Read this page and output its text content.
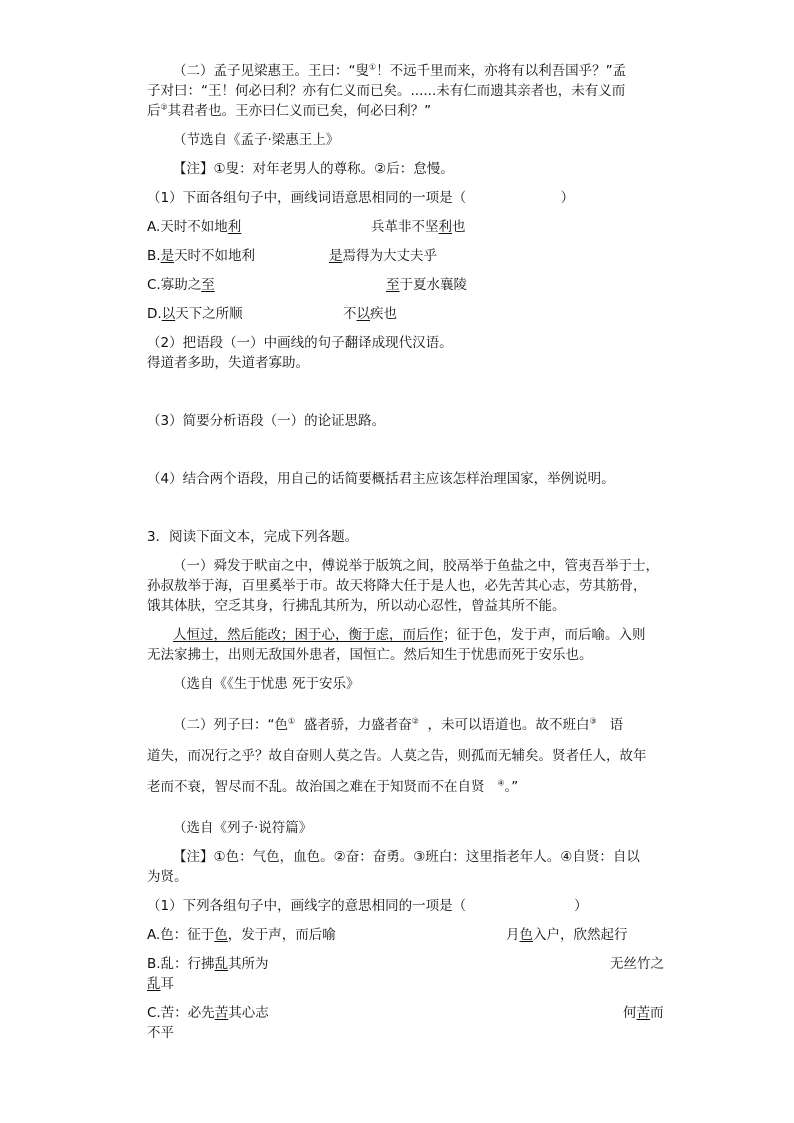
（二）孟子见梁惠王。王曰：“叟①！不远千里而来，亦将有以利吾国乎？”孟
子对曰：“王！何必曰利？亦有仁义而已矣。......未有仁而遗其亲者也，未有义而
后②其君者也。王亦曰仁义而已矣，何必曰利？”
（节选自《孟子·梁惠王上》
【注】①叟：对年老男人的尊称。②后：怠慢。
（1）下面各组句子中，画线词语意思相同的一项是（　　　　　　　）
A.天时不如地利	兵革非不坚利也
B.是天时不如地利	是焉得为大丈夫乎
C.寡助之至	至于夏水襄陵
D.以天下之所顺	不以疾也
（2）把语段（一）中画线的句子翻译成现代汉语。
得道者多助，失道者寡助。
（3）简要分析语段（一）的论证思路。
（4）结合两个语段，用自己的话简要概括君主应该怎样治理国家，举例说明。
3．阅读下面文本，完成下列各题。
（一）舜发于畎亩之中，傅说举于版筑之间，胶鬲举于鱼盐之中，管夷吾举于士，
孙叔敖举于海，百里奚举于市。故天将降大任于是人也，必先苦其心志，劳其筋骨，
饿其体肤，空乏其身，行拂乱其所为，所以动心忍性，曾益其所不能。
人恒过，然后能改；困于心，衡于虑，而后作；征于色，发于声，而后喻。入则
无法家拂士，出则无敌国外患者，国恒亡。然后知生于忧患而死于安乐也。
（选自《《生于忧患 死于安乐》
（二）列子曰：“色① 盛者骄，力盛者奋② ，未可以语道也。故不班白③ 语
道失，而况行之乎？故自奋则人莫之告。人莫之告，则孤而无辅矣。贤者任人，故年
老而不衰，智尽而不乱。故治国之难在于知贤而不在自贤 ④。”
（选自《列子·说符篇》
【注】①色：气色，血色。②奋：奋勇。③班白：这里指老年人。④自贤：自以
为贤。
（1）下列各组句子中，画线字的意思相同的一项是（　　　　　　　　）
A.色：征于色，发于声，而后喻	月色入户，欣然起行
B.乱：行拂乱其所为	无丝竹之
乱耳
C.苦：必先苦其心志	何苦而
不平
